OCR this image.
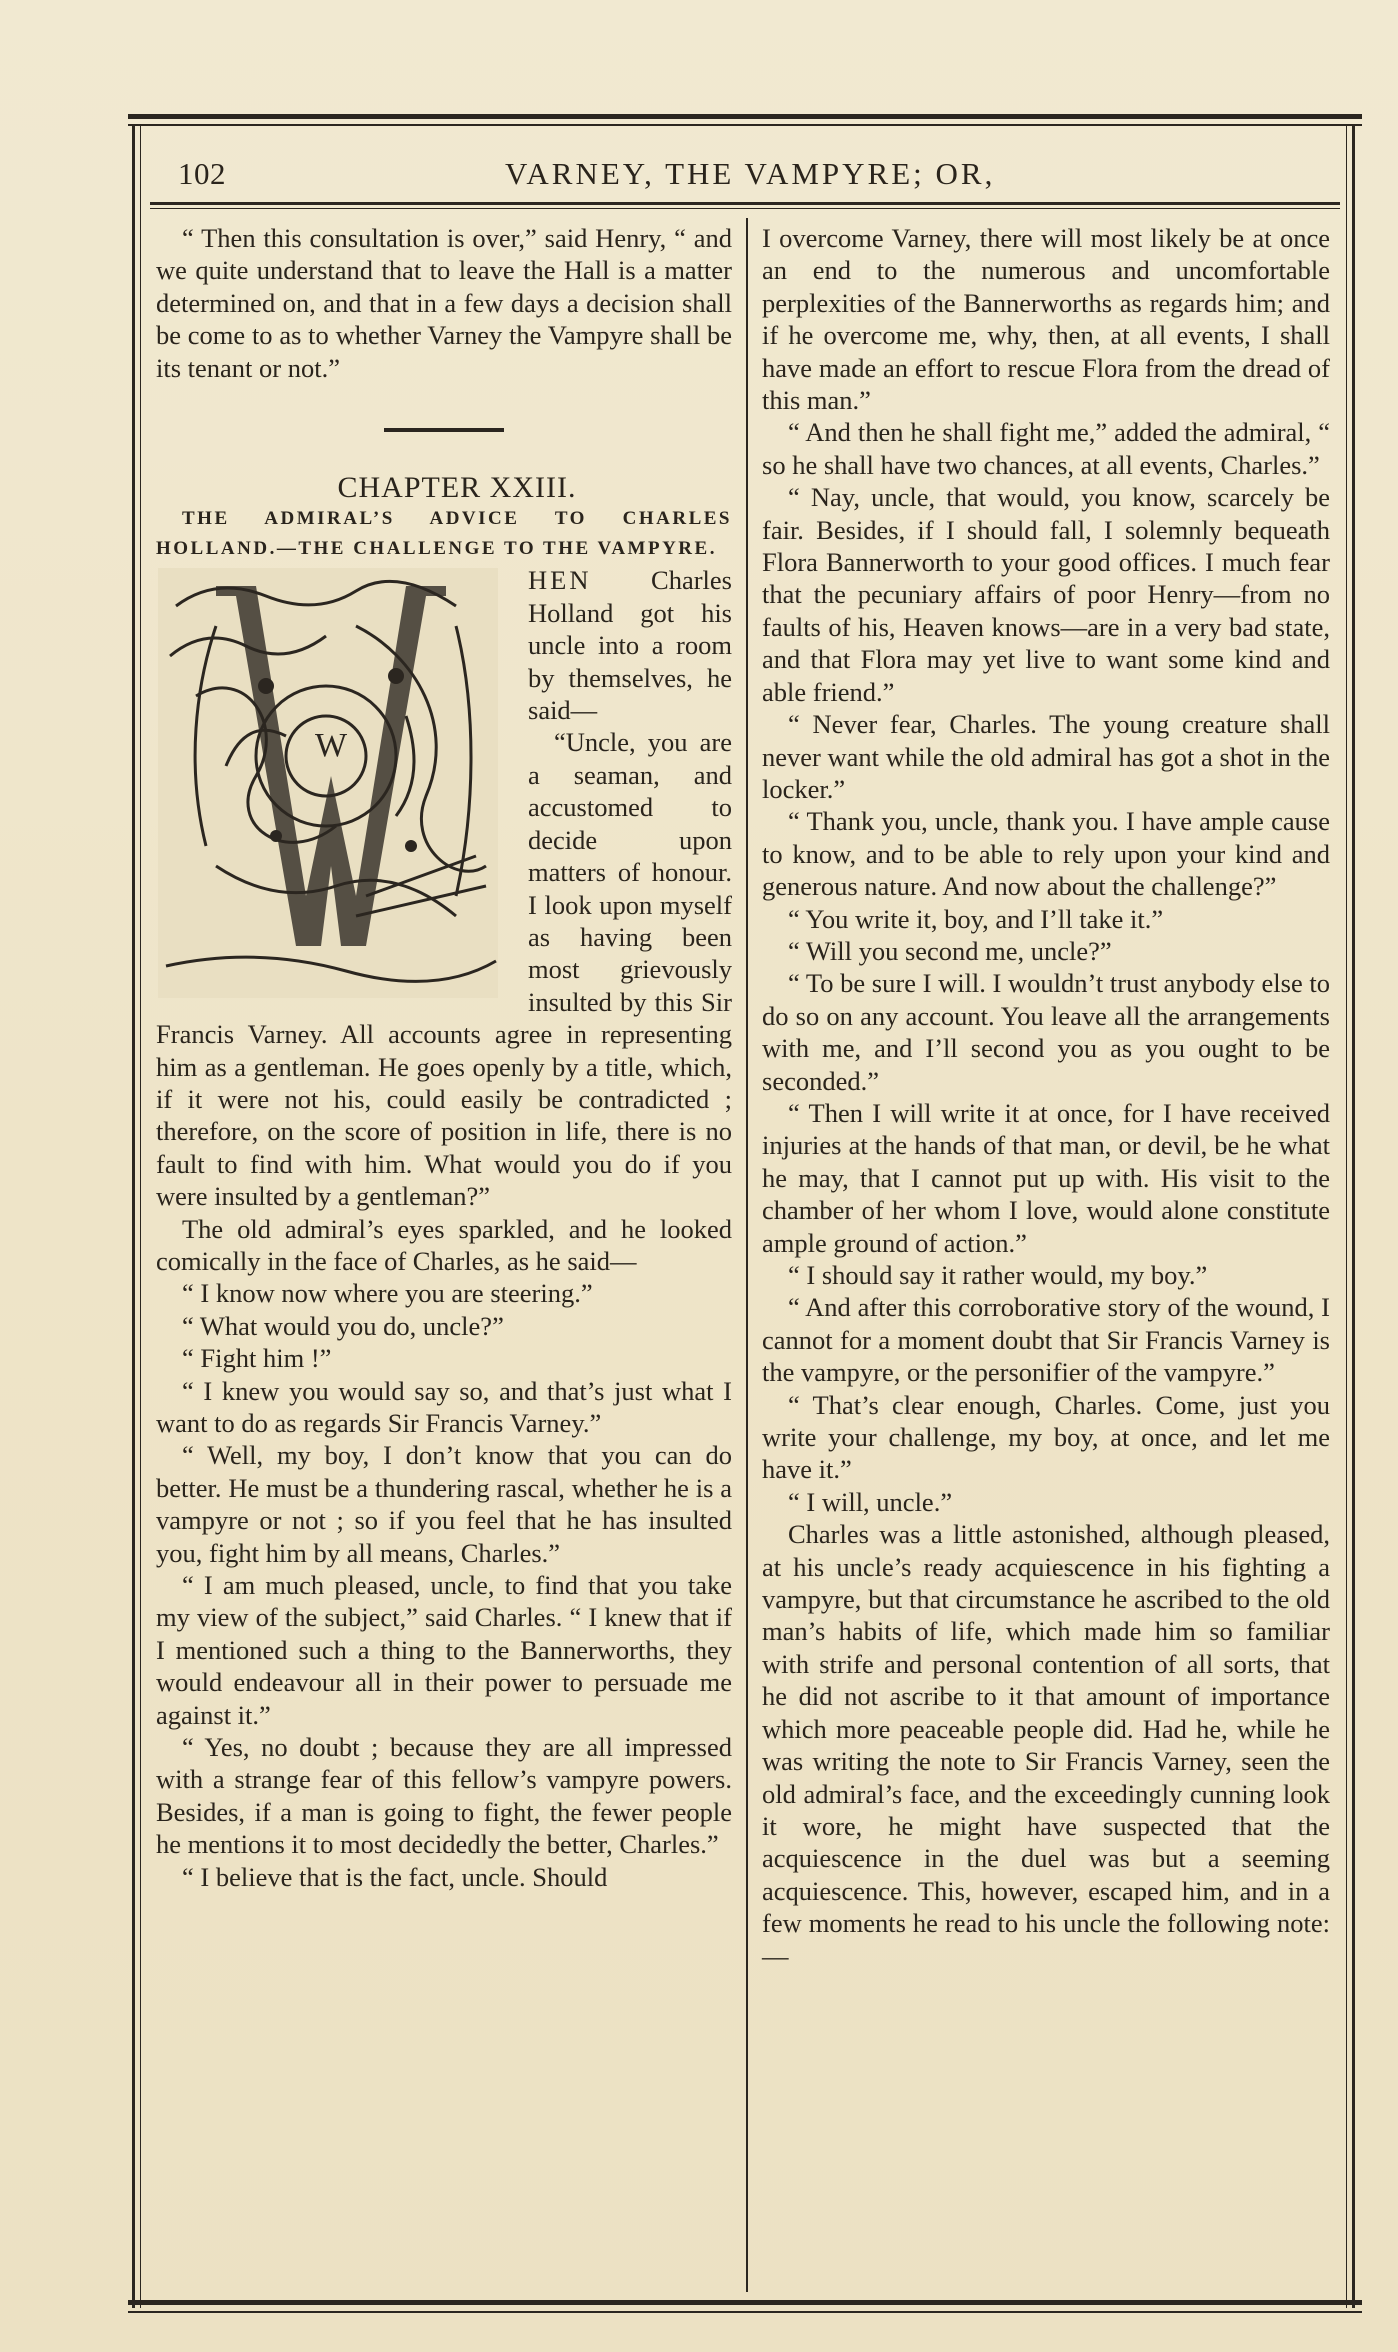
102	VARNEY, THE VAMPYRE; OR,

“ Then this consultation is over,” said Henry, “ and we quite understand that to leave the Hall is a matter determined on, and that in a few days a decision shall be come to as to whether Varney the Vampyre shall be its tenant or not.”

CHAPTER XXIII.

THE ADMIRAL’S ADVICE TO CHARLES HOLLAND.—THE CHALLENGE TO THE VAMPYRE.

W

HEN Charles Holland got his uncle into a room by themselves, he said—

“Uncle, you are a seaman, and accustomed to decide upon matters of honour. I look upon myself as having been most grievously insulted by this Sir Francis Varney. All accounts agree in representing him as a gentleman. He goes openly by a title, which, if it were not his, could easily be contradicted ; therefore, on the score of position in life, there is no fault to find with him. What would you do if you were insulted by a gentleman?”

The old admiral’s eyes sparkled, and he looked comically in the face of Charles, as he said—

“ I know now where you are steering.”

“ What would you do, uncle?”

“ Fight him !”

“ I knew you would say so, and that’s just what I want to do as regards Sir Francis Varney.”

“ Well, my boy, I don’t know that you can do better. He must be a thundering rascal, whether he is a vampyre or not ; so if you feel that he has insulted you, fight him by all means, Charles.”

“ I am much pleased, uncle, to find that you take my view of the subject,” said Charles. “ I knew that if I mentioned such a thing to the Bannerworths, they would endeavour all in their power to persuade me against it.”

“ Yes, no doubt ; because they are all impressed with a strange fear of this fellow’s vampyre powers. Besides, if a man is going to fight, the fewer people he mentions it to most decidedly the better, Charles.”

“ I believe that is the fact, uncle. Should

I overcome Varney, there will most likely be at once an end to the numerous and uncomfortable perplexities of the Bannerworths as regards him; and if he overcome me, why, then, at all events, I shall have made an effort to rescue Flora from the dread of this man.”

“ And then he shall fight me,” added the admiral, “ so he shall have two chances, at all events, Charles.”

“ Nay, uncle, that would, you know, scarcely be fair. Besides, if I should fall, I solemnly bequeath Flora Bannerworth to your good offices. I much fear that the pecuniary affairs of poor Henry—from no faults of his, Heaven knows—are in a very bad state, and that Flora may yet live to want some kind and able friend.”

“ Never fear, Charles. The young creature shall never want while the old admiral has got a shot in the locker.”

“ Thank you, uncle, thank you. I have ample cause to know, and to be able to rely upon your kind and generous nature. And now about the challenge?”

“ You write it, boy, and I’ll take it.”

“ Will you second me, uncle?”

“ To be sure I will. I wouldn’t trust anybody else to do so on any account. You leave all the arrangements with me, and I’ll second you as you ought to be seconded.”

“ Then I will write it at once, for I have received injuries at the hands of that man, or devil, be he what he may, that I cannot put up with. His visit to the chamber of her whom I love, would alone constitute ample ground of action.”

“ I should say it rather would, my boy.”

“ And after this corroborative story of the wound, I cannot for a moment doubt that Sir Francis Varney is the vampyre, or the personifier of the vampyre.”

“ That’s clear enough, Charles. Come, just you write your challenge, my boy, at once, and let me have it.”

“ I will, uncle.”

Charles was a little astonished, although pleased, at his uncle’s ready acquiescence in his fighting a vampyre, but that circumstance he ascribed to the old man’s habits of life, which made him so familiar with strife and personal contention of all sorts, that he did not ascribe to it that amount of importance which more peaceable people did. Had he, while he was writing the note to Sir Francis Varney, seen the old admiral’s face, and the exceedingly cunning look it wore, he might have suspected that the acquiescence in the duel was but a seeming acquiescence. This, however, escaped him, and in a few moments he read to his uncle the following note: —
